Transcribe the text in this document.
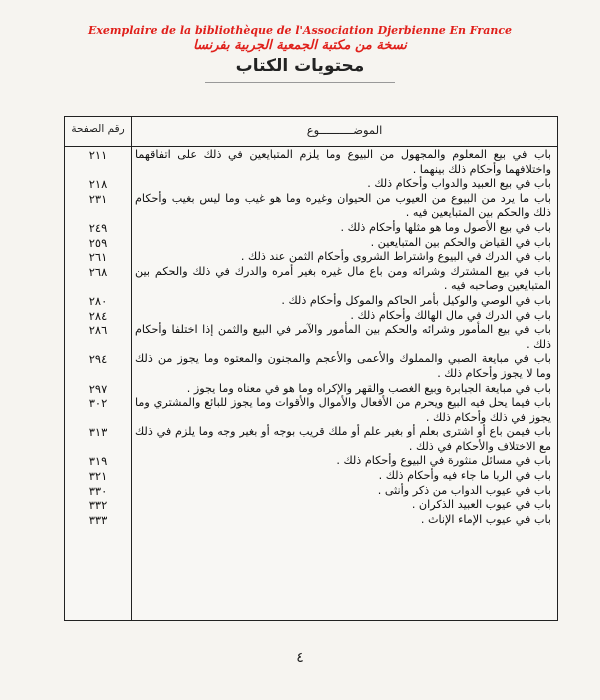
Exemplaire de la bibliothèque de l'Association Djerbienne En France
نسخة من مكتبة الجمعية الجربية بفرنسا
محتويات الكتاب
الموضــــــــــوع
رقم الصفحة
باب في بيع المعلوم والمجهول من البيوع وما يلزم المتبايعين في ذلك على اتفاقهما واختلافهما وأحكام ذلك بينهما .
٢١١
باب في بيع العبيد والدواب وأحكام ذلك .
٢١٨
باب ما يرد من البيوع من العيوب من الحيوان وغيره وما هو غيب وما ليس بغيب وأحكام ذلك والحكم بين المتبايعين فيه .
٢٣١
باب في بيع الأصول وما هو مثلها وأحكام ذلك .
٢٤٩
باب في القياض والحكم بين المتبايعين .
٢٥٩
باب في الدرك في البيوع واشتراط الشروى وأحكام الثمن عند ذلك .
٢٦١
باب في بيع المشترك وشرائه ومن باع مال غيره بغير أمره والدرك في ذلك والحكم بين المتبايعين وصاحبه فيه .
٢٦٨
باب في الوصي والوكيل بأمر الحاكم والموكل وأحكام ذلك .
٢٨٠
باب في الدرك في مال الهالك وأحكام ذلك .
٢٨٤
باب في بيع المأمور وشرائه والحكم بين المأمور والآمر في البيع والثمن إذا اختلفا وأحكام ذلك .
٢٨٦
باب في مبايعة الصبي والمملوك والأعمى والأعجم والمجنون والمعتوه وما يجوز من ذلك وما لا يجوز وأحكام ذلك .
٢٩٤
باب في مبايعة الجبابرة وبيع الغصب والقهر والإكراه وما هو في معناه وما يجوز .
٢٩٧
باب فيما يحل فيه البيع ويحرم من الأفعال والأموال والأقوات وما يجوز للبائع والمشتري وما يجوز في ذلك وأحكام ذلك .
٣٠٢
باب فيمن باع أو اشترى بعلم أو بغير علم أو ملك قريب بوجه أو بغير وجه وما يلزم في ذلك مع الاختلاف والأحكام في ذلك .
٣١٣
باب في مسائل منثورة في البيوع وأحكام ذلك .
٣١٩
باب في الربا ما جاء فيه وأحكام ذلك .
٣٢١
باب في عيوب الدواب من ذكر وأنثى .
٣٣٠
باب في عيوب العبيد الذكران .
٣٣٢
باب في عيوب الإماء الإناث .
٣٣٣
٤
